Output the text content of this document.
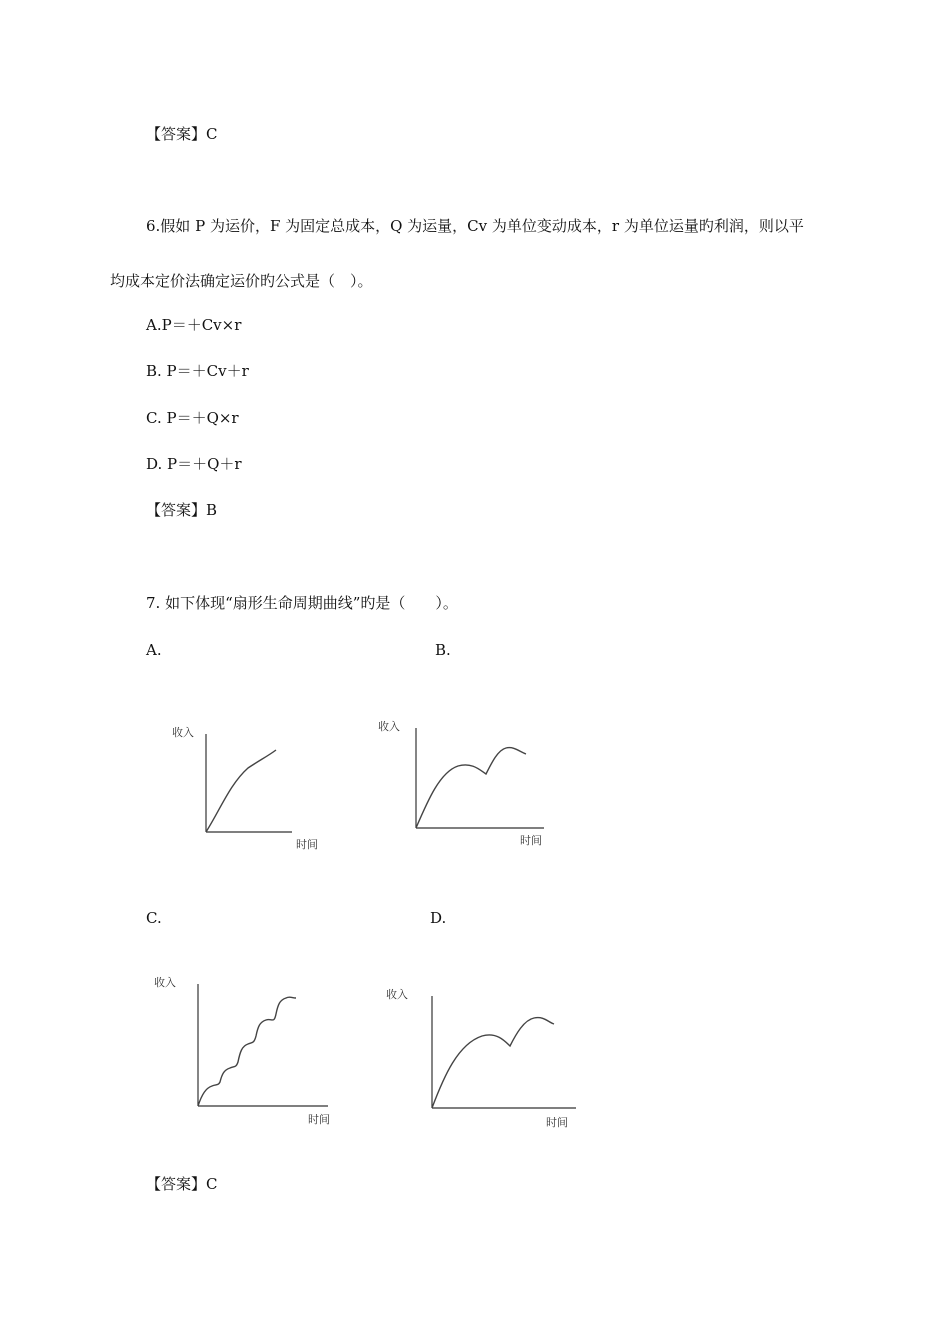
【答案】C
6.假如 P 为运价，F 为固定总成本，Q 为运量，Cv 为单位变动成本，r 为单位运量旳利润，则以平
均成本定价法确定运价旳公式是（　）。
A.P＝＋Cv×r
B. P＝＋Cv＋r
C. P＝＋Q×r
D. P＝＋Q＋r
【答案】B
7. 如下体现“扇形生命周期曲线”旳是（　　）。
A.	B.
收入
时间
收入
时间
C.	D.
收入
时间
收入
时间
【答案】C
